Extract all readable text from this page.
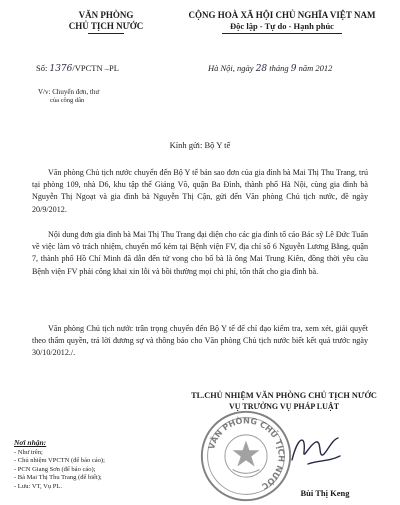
VĂN PHÒNG
CHỦ TỊCH NƯỚC
CỘNG HOÀ XÃ HỘI CHỦ NGHĨA VIỆT NAM
Độc lập - Tự do - Hạnh phúc
Số: 1376/VPCTN –PL	Hà Nội, ngày 28 tháng 9 năm 2012
V/v: Chuyển đơn, thư
của công dân
Kính gửi: Bộ Y tế

Văn phòng Chủ tịch nước chuyển đến Bộ Y tế bản sao đơn của gia đình bà Mai Thị Thu Trang, trú tại phòng 109, nhà D6, khu tập thể Giảng Võ, quận Ba Đình, thành phố Hà Nội, cùng gia đình bà Nguyễn Thị Ngoạt và gia đình bà Nguyễn Thị Cận, gửi đến Văn phòng Chủ tịch nước, đề ngày 20/9/2012.

Nội dung đơn gia đình bà Mai Thị Thu Trang đại diện cho các gia đình tố cáo Bác sỹ Lê Đức Tuấn về việc làm vô trách nhiệm, chuyển mổ kém tại Bệnh viện FV, địa chỉ số 6 Nguyễn Lương Bằng, quận 7, thành phố Hồ Chí Minh đã dẫn đến tử vong cho bố bà là ông Mai Trung Kiên, đồng thời yêu cầu Bệnh viện FV phải công khai xin lỗi và bồi thường mọi chi phí, tổn thất cho gia đình bà.

Văn phòng Chủ tịch nước trân trọng chuyển đến Bộ Y tế để chỉ đạo kiểm tra, xem xét, giải quyết theo thẩm quyền, trả lời đương sự và thông báo cho Văn phòng Chủ tịch nước biết kết quả trước ngày 30/10/2012./.

TL.CHỦ NHIỆM VĂN PHÒNG CHỦ TỊCH NƯỚC
VỤ TRƯỞNG VỤ PHÁP LUẬT
VĂN PHÒNG CHỦ TỊCH NƯỚC
Bùi Thị Keng
Nơi nhận:
- Như trên;
- Chủ nhiệm VPCTN (để báo cáo);
- PCN Giang Sơn (để báo cáo);
- Bà Mai Thị Thu Trang (để biết);
- Lưu: VT, Vụ PL.
